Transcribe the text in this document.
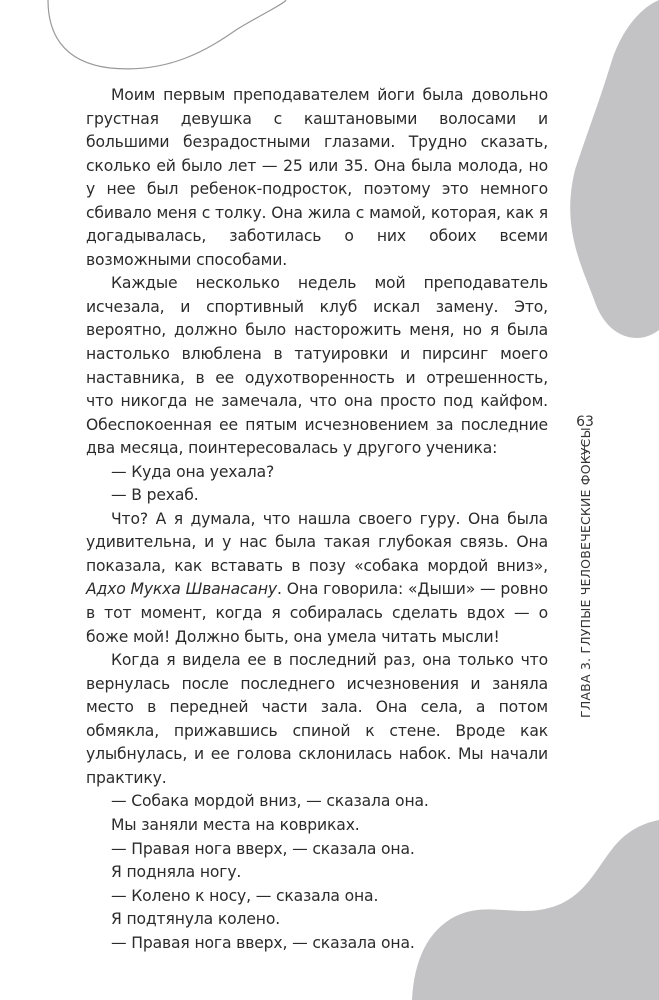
Моим первым преподавателем йоги была довольно грустная девушка с каштановыми волосами и большими безрадостными глазами. Трудно сказать, сколько ей было лет — 25 или 35. Она была молода, но у нее был ребенок-подросток, поэтому это немного сбивало меня с толку. Она жила с мамой, которая, как я догадывалась, заботилась о них обоих всеми возможными способами.

Каждые несколько недель мой преподаватель исчезала, и спортивный клуб искал замену. Это, вероятно, должно было насторожить меня, но я была настолько влюблена в татуировки и пирсинг моего наставника, в ее одухотворенность и отрешенность, что никогда не замечала, что она просто под кайфом. Обеспокоенная ее пятым исчезновением за последние два месяца, поинтересовалась у другого ученика:

— Куда она уехала?

— В рехаб.

Что? А я думала, что нашла своего гуру. Она была удивительна, и у нас была такая глубокая связь. Она показала, как вставать в позу «собака мордой вниз», Адхо Мукха Шванасану. Она говорила: «Дыши» — ровно в тот момент, когда я собиралась сделать вдох — о боже мой! Должно быть, она умела читать мысли!

Когда я видела ее в последний раз, она только что вернулась после последнего исчезновения и заняла место в передней части зала. Она села, а потом обмякла, прижавшись спиной к стене. Вроде как улыбнулась, и ее голова склонилась набок. Мы начали практику.

— Собака мордой вниз, — сказала она.

Мы заняли места на ковриках.

— Правая нога вверх, — сказала она.

Я подняла ногу.

— Колено к носу, — сказала она.

Я подтянула колено.

— Правая нога вверх, — сказала она.

63
ГЛАВА 3. ГЛУПЫЕ ЧЕЛОВЕЧЕСКИЕ ФОКУСЫ
